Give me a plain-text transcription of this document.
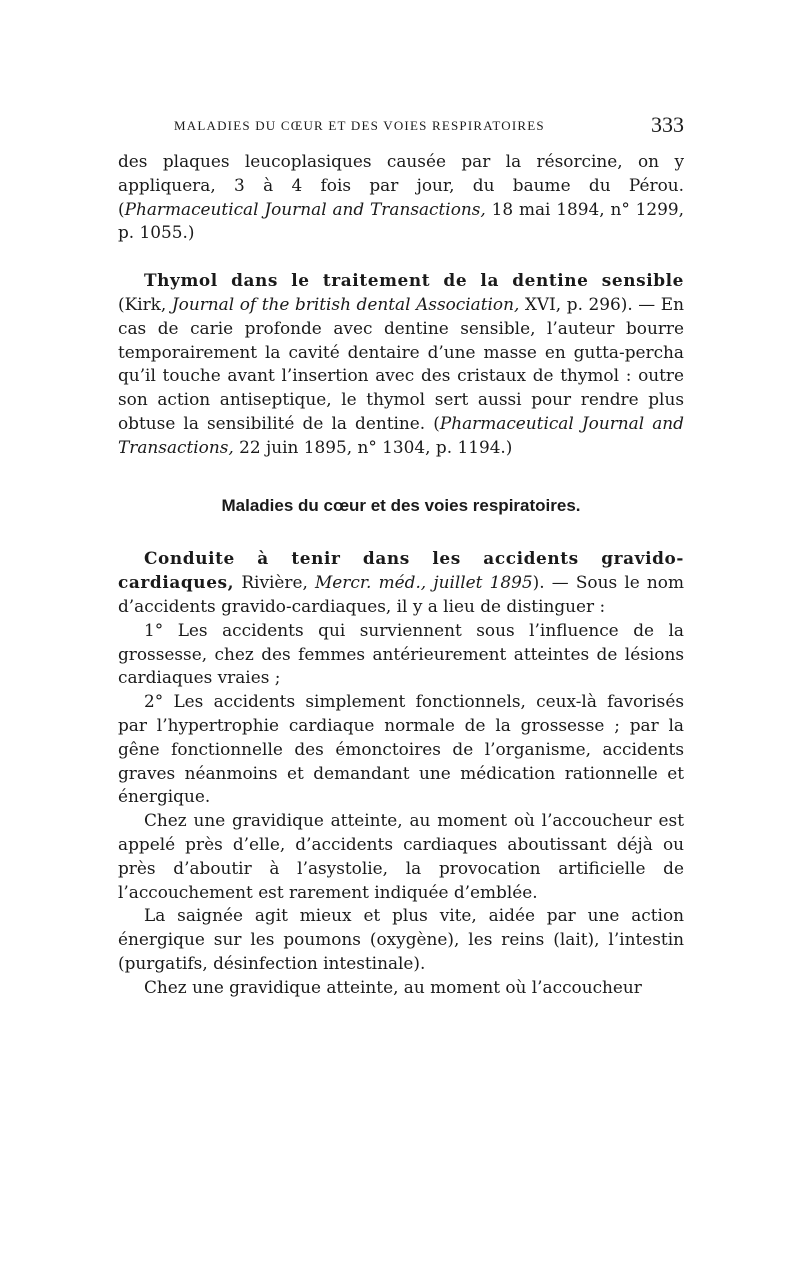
MALADIES DU CŒUR ET DES VOIES RESPIRATOIRES	333

des plaques leucoplasiques causée par la résorcine, on y appliquera, 3 à 4 fois par jour, du baume du Pérou. (Pharmaceutical Journal and Transactions, 18 mai 1894, n° 1299, p. 1055.)

Thymol dans le traitement de la dentine sensible (Kirk, Journal of the british dental Association, XVI, p. 296). — En cas de carie profonde avec dentine sensible, l’auteur bourre temporairement la cavité dentaire d’une masse en gutta-percha qu’il touche avant l’insertion avec des cristaux de thymol : outre son action antiseptique, le thymol sert aussi pour rendre plus obtuse la sensibilité de la dentine. (Pharmaceutical Journal and Transactions, 22 juin 1895, n° 1304, p. 1194.)

Maladies du cœur et des voies respiratoires.

Conduite à tenir dans les accidents gravido-cardiaques, Rivière, Mercr. méd., juillet 1895). — Sous le nom d’accidents gravido-cardiaques, il y a lieu de distinguer :

1° Les accidents qui surviennent sous l’influence de la grossesse, chez des femmes antérieurement atteintes de lésions cardiaques vraies ;

2° Les accidents simplement fonctionnels, ceux-là favorisés par l’hypertrophie cardiaque normale de la grossesse ; par la gêne fonctionnelle des émonctoires de l’organisme, accidents graves néanmoins et demandant une médication rationnelle et énergique.

Chez une gravidique atteinte, au moment où l’accoucheur est appelé près d’elle, d’accidents cardiaques aboutissant déjà ou près d’aboutir à l’asystolie, la provocation artificielle de l’accouchement est rarement indiquée d’emblée.

La saignée agit mieux et plus vite, aidée par une action énergique sur les poumons (oxygène), les reins (lait), l’intestin (purgatifs, désinfection intestinale).

Chez une gravidique atteinte, au moment où l’accoucheur
